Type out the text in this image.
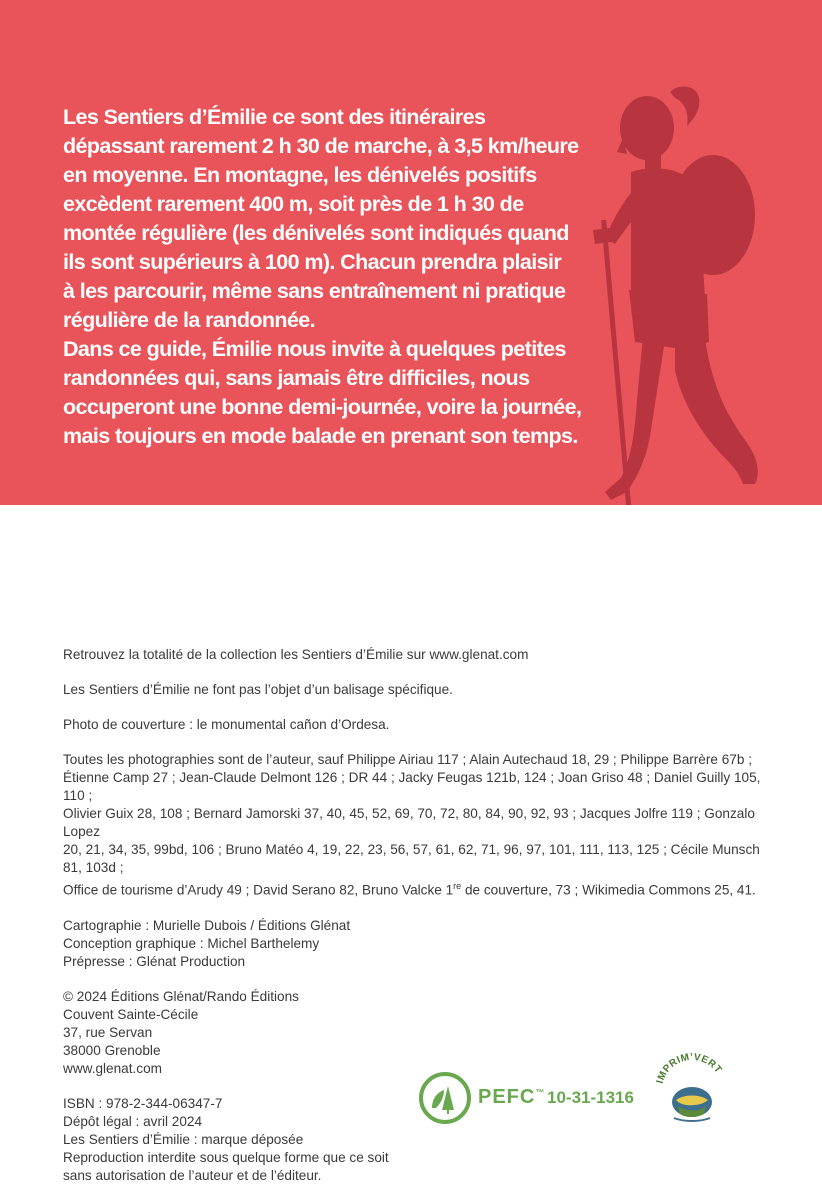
Les Sentiers d’Émilie ce sont des itinéraires

dépassant rarement 2 h 30 de marche, à 3,5 km/heure

en moyenne. En montagne, les dénivelés positifs

excèdent rarement 400 m, soit près de 1 h 30 de

montée régulière (les dénivelés sont indiqués quand

ils sont supérieurs à 100 m). Chacun prendra plaisir

à les parcourir, même sans entraînement ni pratique

régulière de la randonnée.

Dans ce guide, Émilie nous invite à quelques petites

randonnées qui, sans jamais être difficiles, nous

occuperont une bonne demi-journée, voire la journée,

mais toujours en mode balade en prenant son temps.

Retrouvez la totalité de la collection les Sentiers d’Émilie sur www.glenat.com

Les Sentiers d’Émilie ne font pas l’objet d’un balisage spécifique.

Photo de couverture : le monumental cañon d’Ordesa.

Toutes les photographies sont de l’auteur, sauf Philippe Airiau 117 ; Alain Autechaud 18, 29 ; Philippe Barrère 67b ;

Étienne Camp 27 ; Jean-Claude Delmont 126 ; DR 44 ; Jacky Feugas 121b, 124 ; Joan Griso 48 ; Daniel Guilly 105, 110 ;

Olivier Guix 28, 108 ; Bernard Jamorski 37, 40, 45, 52, 69, 70, 72, 80, 84, 90, 92, 93 ; Jacques Jolfre 119 ; Gonzalo Lopez

20, 21, 34, 35, 99bd, 106 ; Bruno Matéo 4, 19, 22, 23, 56, 57, 61, 62, 71, 96, 97, 101, 111, 113, 125 ; Cécile Munsch 81, 103d ;

Office de tourisme d’Arudy 49 ; David Serano 82, Bruno Valcke 1re de couverture, 73 ; Wikimedia Commons 25, 41.

Cartographie : Murielle Dubois / Éditions Glénat

Conception graphique : Michel Barthelemy

Prépresse : Glénat Production

© 2024 Éditions Glénat/Rando Éditions

Couvent Sainte-Cécile

37, rue Servan

38000 Grenoble

www.glenat.com

ISBN : 978-2-344-06347-7

Dépôt légal : avril 2024

Les Sentiers d’Émilie : marque déposée

Reproduction interdite sous quelque forme que ce soit

sans autorisation de l’auteur et de l’éditeur.

PEFC™ 10-31-1316
IMPRIM’VERT
